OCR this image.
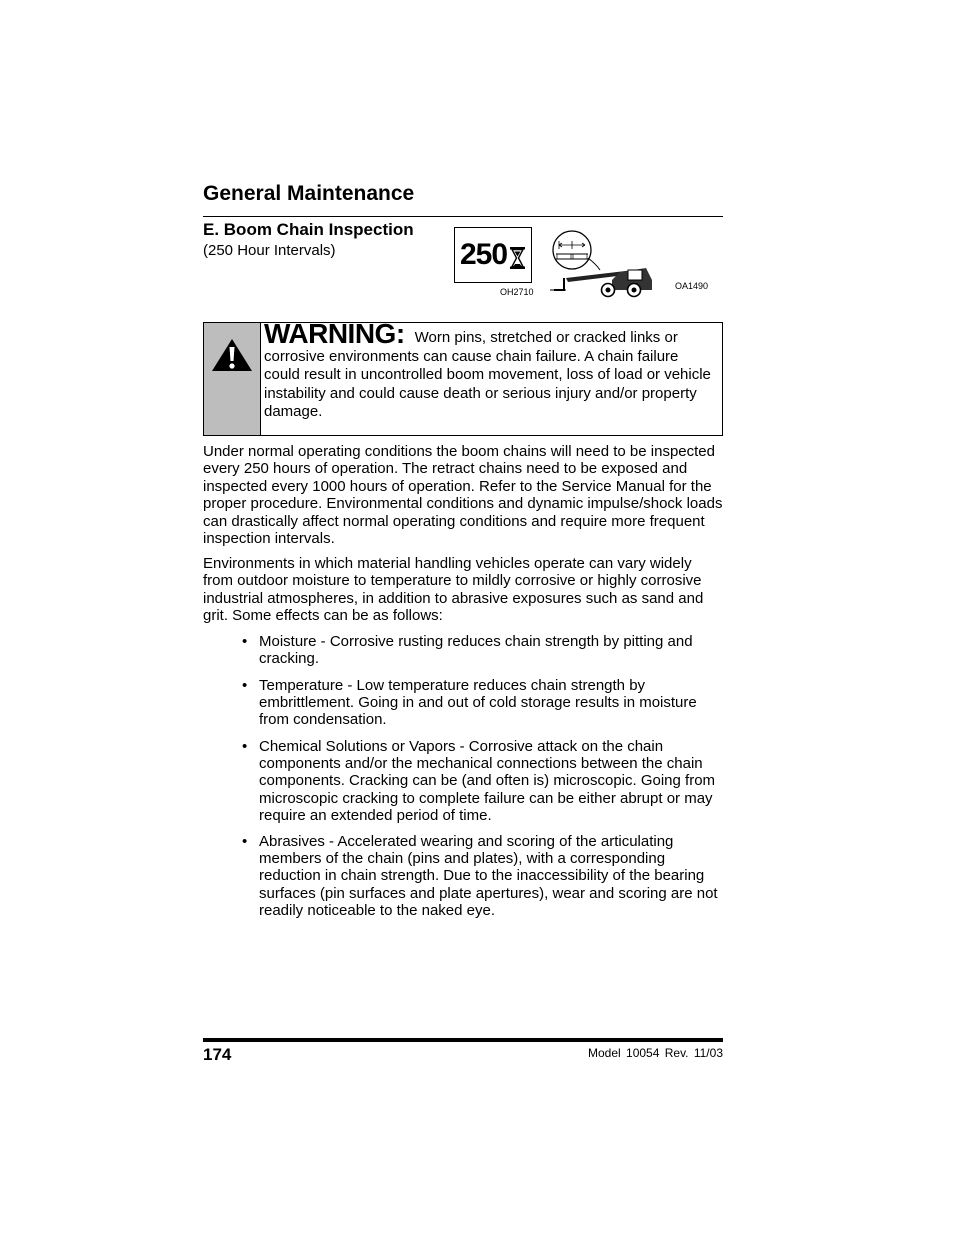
General Maintenance
E. Boom Chain Inspection
(250 Hour Intervals)	250
OH2710
OA1490
WARNING: Worn pins, stretched or cracked links or corrosive environments can cause chain failure. A chain failure could result in uncontrolled boom movement, loss of load or vehicle instability and could cause death or serious injury and/or property damage.

Under normal operating conditions the boom chains will need to be inspected every 250 hours of operation. The retract chains need to be exposed and inspected every 1000 hours of operation. Refer to the Service Manual for the proper procedure. Environmental conditions and dynamic impulse/shock loads can drastically affect normal operating conditions and require more frequent inspection intervals.

Environments in which material handling vehicles operate can vary widely from outdoor moisture to temperature to mildly corrosive or highly corrosive industrial atmospheres, in addition to abrasive exposures such as sand and grit. Some effects can be as follows:

• Moisture - Corrosive rusting reduces chain strength by pitting and cracking.

• Temperature - Low temperature reduces chain strength by embrittlement. Going in and out of cold storage results in moisture from condensation.

• Chemical Solutions or Vapors - Corrosive attack on the chain components and/or the mechanical connections between the chain components. Cracking can be (and often is) microscopic. Going from microscopic cracking to complete failure can be either abrupt or may require an extended period of time.

• Abrasives - Accelerated wearing and scoring of the articulating members of the chain (pins and plates), with a corresponding reduction in chain strength. Due to the inaccessibility of the bearing surfaces (pin surfaces and plate apertures), wear and scoring are not readily noticeable to the naked eye.

174	Model 10054 Rev. 11/03
